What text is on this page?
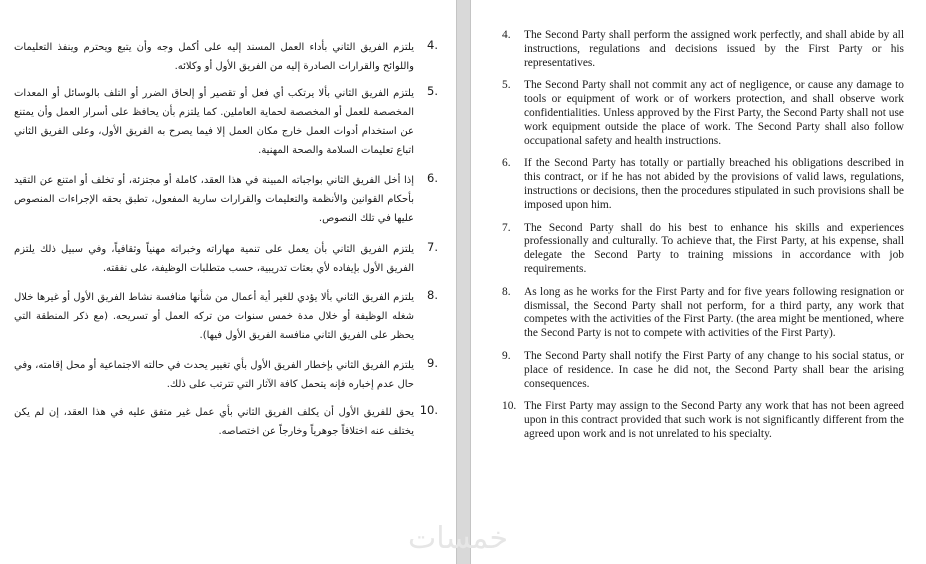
4.
يلتزم الفريق الثاني بأداء العمل المسند إليه على أكمل وجه وأن يتبع ويحترم وينفذ التعليمات واللوائح والقرارات الصادرة إليه من الفريق الأول أو وكلائه.
5.
يلتزم الفريق الثاني بألا يرتكب أي فعل أو تقصير أو إلحاق الضرر أو التلف بالوسائل أو المعدات المخصصة للعمل أو المخصصة لحماية العاملين. كما يلتزم بأن يحافظ على أسرار العمل وأن يمتنع عن استخدام أدوات العمل خارج مكان العمل إلا فيما يصرح به الفريق الأول، وعلى الفريق الثاني اتباع تعليمات السلامة والصحة المهنية.
6.
إذا أخل الفريق الثاني بواجباته المبينة في هذا العقد، كاملة أو مجتزئة، أو تخلف أو امتنع عن التقيد بأحكام القوانين والأنظمة والتعليمات والقرارات سارية المفعول، تطبق بحقه الإجراءات المنصوص عليها في تلك النصوص.
7.
يلتزم الفريق الثاني بأن يعمل على تنمية مهاراته وخبراته مهنياً وثقافياً، وفي سبيل ذلك يلتزم الفريق الأول بإيفاده لأي بعثات تدريبية، حسب متطلبات الوظيفة، على نفقته.
8.
يلتزم الفريق الثاني بألا يؤدي للغير أية أعمال من شأنها منافسة نشاط الفريق الأول أو غيرها خلال شغله الوظيفة أو خلال مدة خمس سنوات من تركه العمل أو تسريحه. (مع ذكر المنطقة التي يحظر على الفريق الثاني منافسة الفريق الأول فيها).
9.
يلتزم الفريق الثاني بإخطار الفريق الأول بأي تغيير يحدث في حالته الاجتماعية أو محل إقامته، وفي حال عدم إخباره فإنه يتحمل كافة الآثار التي تترتب على ذلك.
10.
يحق للفريق الأول أن يكلف الفريق الثاني بأي عمل غير متفق عليه في هذا العقد، إن لم يكن يختلف عنه اختلافاً جوهرياً وخارجاً عن اختصاصه.
4. The Second Party shall perform the assigned work perfectly, and shall abide by all instructions, regulations and decisions issued by the First Party or his representatives.
5. The Second Party shall not commit any act of negligence, or cause any damage to tools or equipment of work or of workers protection, and shall observe work confidentialities. Unless approved by the First Party, the Second Party shall not use work equipment outside the place of work. The Second Party shall also follow occupational safety and health instructions.
6. If the Second Party has totally or partially breached his obligations described in this contract, or if he has not abided by the provisions of valid laws, regulations, instructions or decisions, then the procedures stipulated in such provisions shall be imposed upon him.
7. The Second Party shall do his best to enhance his skills and experiences professionally and culturally. To achieve that, the First Party, at his expense, shall delegate the Second Party to training missions in accordance with job requirements.
8. As long as he works for the First Party and for five years following resignation or dismissal, the Second Party shall not perform, for a third party, any work that competes with the activities of the First Party. (the area might be mentioned, where the Second Party is not to compete with activities of the First Party).
9. The Second Party shall notify the First Party of any change to his social status, or place of residence. In case he did not, the Second Party shall bear the arising consequences.
10. The First Party may assign to the Second Party any work that has not been agreed upon in this contract provided that such work is not significantly different from the agreed upon work and is not unrelated to his specialty.
خمسات
